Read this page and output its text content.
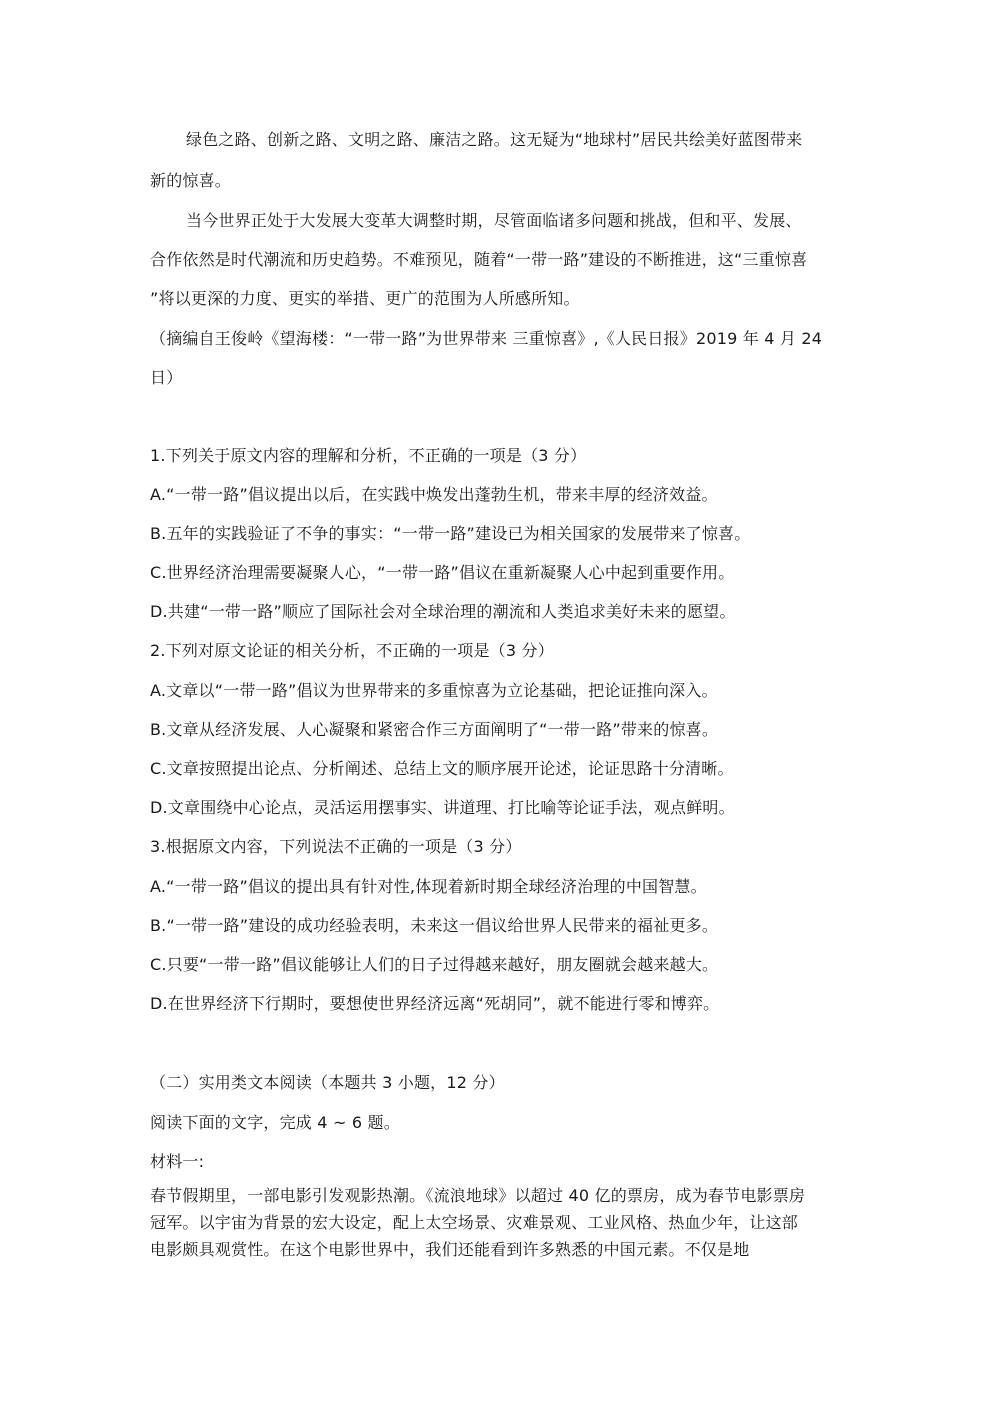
绿色之路、创新之路、文明之路、廉洁之路。这无疑为“地球村”居民共绘美好蓝图带来
新的惊喜。
当今世界正处于大发展大变革大调整时期，尽管面临诸多问题和挑战，但和平、发展、
合作依然是时代潮流和历史趋势。不难预见，随着“一带一路”建设的不断推进，这“三重惊喜
”将以更深的力度、更实的举措、更广的范围为人所感所知。
（摘编自王俊岭《望海楼：“一带一路”为世界带来 三重惊喜》,《人民日报》2019 年 4 月 24
日）
1.下列关于原文内容的理解和分析，不正确的一项是（3 分）
A.“一带一路”倡议提出以后，在实践中焕发出蓬勃生机，带来丰厚的经济效益。
B.五年的实践验证了不争的事实：“一带一路”建设已为相关国家的发展带来了惊喜。
C.世界经济治理需要凝聚人心，“一带一路”倡议在重新凝聚人心中起到重要作用。
D.共建“一带一路”顺应了国际社会对全球治理的潮流和人类追求美好未来的愿望。
2.下列对原文论证的相关分析，不正确的一项是（3 分）
A.文章以“一带一路”倡议为世界带来的多重惊喜为立论基础，把论证推向深入。
B.文章从经济发展、人心凝聚和紧密合作三方面阐明了“一带一路”带来的惊喜。
C.文章按照提出论点、分析阐述、总结上文的顺序展开论述，论证思路十分清晰。
D.文章围绕中心论点，灵活运用摆事实、讲道理、打比喻等论证手法，观点鲜明。
3.根据原文内容，下列说法不正确的一项是（3 分）
A.“一带一路”倡议的提出具有针对性,体现着新时期全球经济治理的中国智慧。
B.“一带一路”建设的成功经验表明，未来这一倡议给世界人民带来的福祉更多。
C.只要“一带一路”倡议能够让人们的日子过得越来越好，朋友圈就会越来越大。
D.在世界经济下行期时，要想使世界经济远离“死胡同”，就不能进行零和博弈。
（二）实用类文本阅读（本题共 3 小题，12 分）
阅读下面的文字，完成 4 ~ 6 题。
材料一:
春节假期里，一部电影引发观影热潮。《流浪地球》以超过 40 亿的票房，成为春节电影票房
冠军。以宇宙为背景的宏大设定，配上太空场景、灾难景观、工业风格、热血少年，让这部
电影颇具观赏性。在这个电影世界中，我们还能看到许多熟悉的中国元素。不仅是地
